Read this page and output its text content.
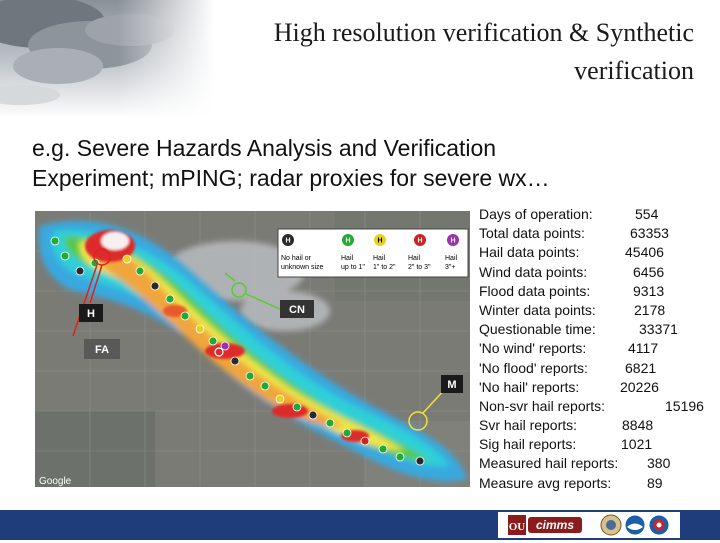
High resolution verification & Synthetic
verification
e.g. Severe Hazards Analysis and Verification
Experiment; mPING; radar proxies for severe wx…
H
No hail or
unknown size
H
Hail
up to 1"
H
Hail
1" to 2"
H
Hail
2" to 3"
H
Hail
3"+
H
FA
CN
M
Google
Days of operation:	554
Total data points:	63353
Hail data points:	45406
Wind data points:	6456
Flood data points:	9313
Winter data points:	2178
Questionable time:	33371
'No wind' reports:	4117
'No flood' reports:	6821
'No hail' reports:	20226
Non-svr hail reports:	15196
Svr hail reports:	8848
Sig hail reports:	1021
Measured hail reports: 380
Measure avg reports:	89
OU cimms
